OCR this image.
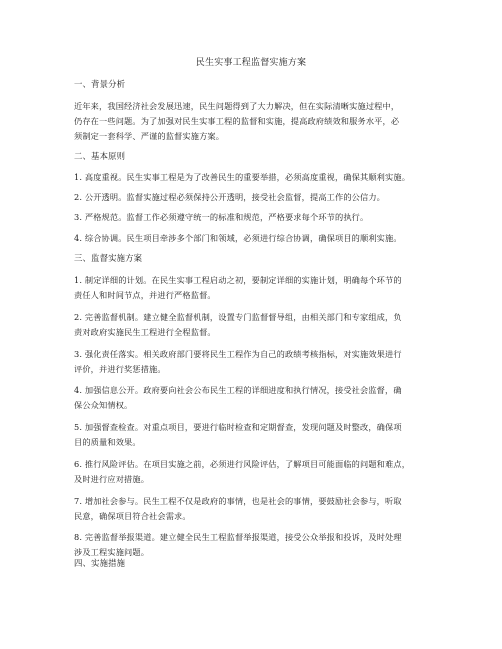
民生实事工程监督实施方案
一、背景分析
近年来，我国经济社会发展迅速，民生问题得到了大力解决，但在实际清晰实施过程中，
仍存在一些问题。为了加强对民生实事工程的监督和实施，提高政府绩效和服务水平，必
须制定一套科学、严谨的监督实施方案。
二、基本原则
1. 高度重视。民生实事工程是为了改善民生的重要举措，必须高度重视，确保其顺利实施。
2. 公开透明。监督实施过程必须保持公开透明，接受社会监督，提高工作的公信力。
3. 严格规范。监督工作必须遵守统一的标准和规范，严格要求每个环节的执行。
4. 综合协调。民生项目牵涉多个部门和领域，必须进行综合协调，确保项目的顺利实施。
三、监督实施方案
1. 制定详细的计划。在民生实事工程启动之初，要制定详细的实施计划，明确每个环节的
责任人和时间节点，并进行严格监督。
2. 完善监督机制。建立健全监督机制，设置专门监督督导组，由相关部门和专家组成，负
责对政府实施民生工程进行全程监督。
3. 强化责任落实。相关政府部门要将民生工程作为自己的政绩考核指标，对实施效果进行
评价，并进行奖惩措施。
4. 加强信息公开。政府要向社会公布民生工程的详细进度和执行情况，接受社会监督，确
保公众知情权。
5. 加强督查检查。对重点项目，要进行临时检查和定期督查，发现问题及时整改，确保项
目的质量和效果。
6. 推行风险评估。在项目实施之前，必须进行风险评估，了解项目可能面临的问题和难点，
及时进行应对措施。
7. 增加社会参与。民生工程不仅是政府的事情，也是社会的事情，要鼓励社会参与，听取
民意，确保项目符合社会需求。
8. 完善监督举报渠道。建立健全民生工程监督举报渠道，接受公众举报和投诉，及时处理
涉及工程实施问题。
四、实施措施
